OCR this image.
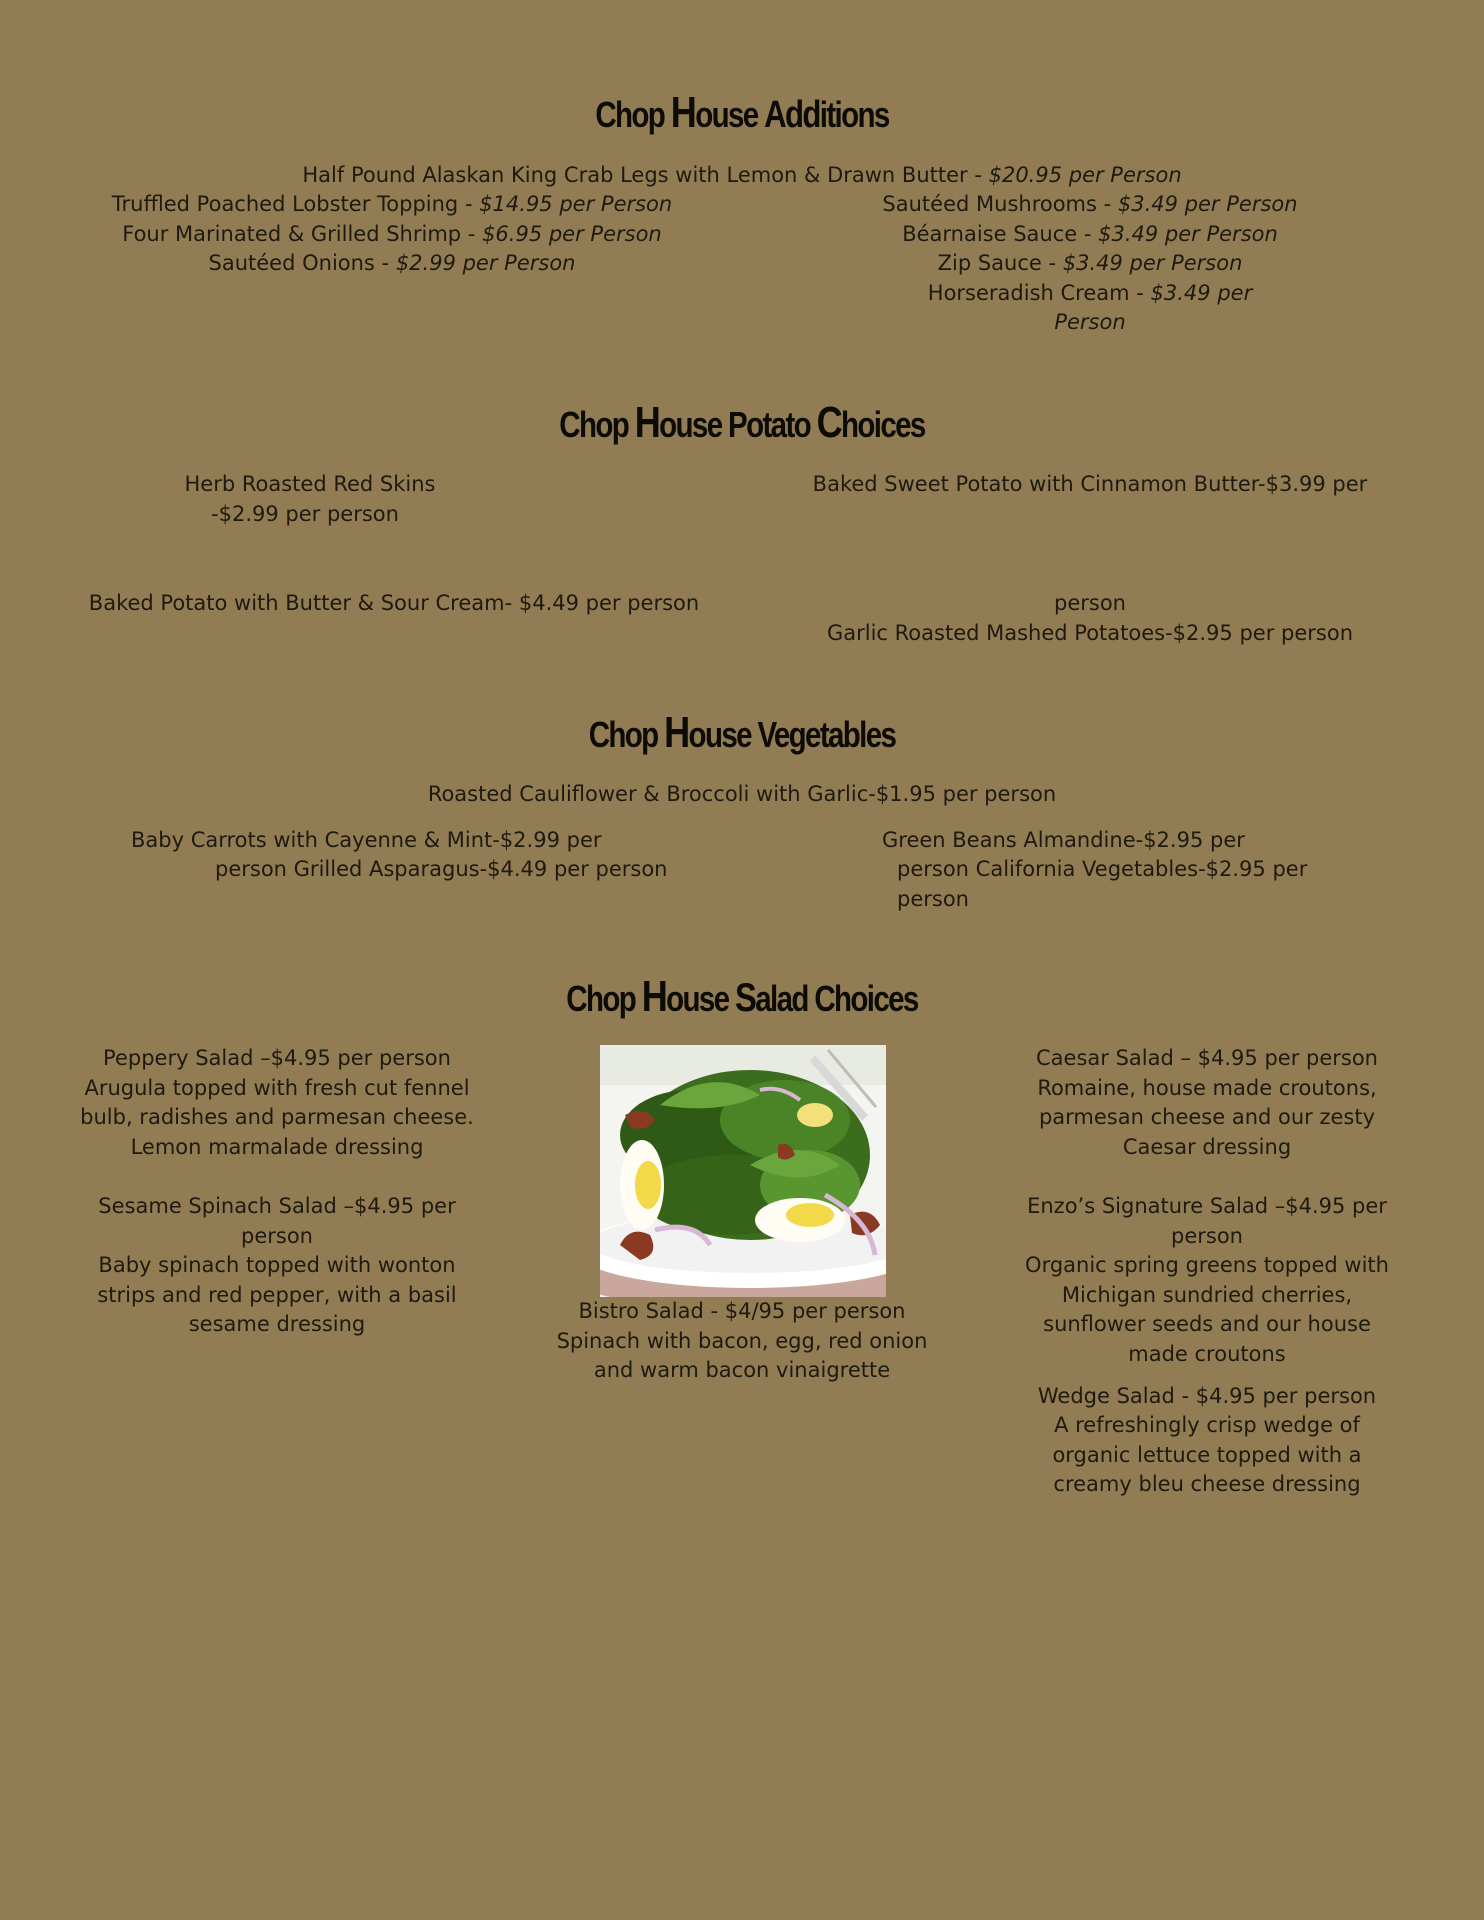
Chop House Additions
Half Pound Alaskan King Crab Legs with Lemon & Drawn Butter - $20.95 per Person

Truffled Poached Lobster Topping - $14.95 per Person

Four Marinated & Grilled Shrimp - $6.95 per Person

Sautéed Onions - $2.99 per Person

Sautéed Mushrooms - $3.49 per Person

Béarnaise Sauce - $3.49 per Person

Zip Sauce - $3.49 per Person

Horseradish Cream - $3.49 per

Person

Chop House Potato Choices
Herb Roasted Red Skins
-$2.99 per person
Baked Potato with Butter & Sour Cream- $4.49 per person
Baked Sweet Potato with Cinnamon Butter-$3.99 per
person
Garlic Roasted Mashed Potatoes-$2.95 per person
Chop House Vegetables
Roasted Cauliflower & Broccoli with Garlic-$1.95 per person
Baby Carrots with Cayenne & Mint-$2.99 per
person Grilled Asparagus-$4.49 per person
Green Beans Almandine-$2.95 per
person California Vegetables-$2.95 per
person
Chop House Salad Choices

Peppery Salad –$4.95 per person

Arugula topped with fresh cut fennel

bulb, radishes and parmesan cheese.

Lemon marmalade dressing

Sesame Spinach Salad –$4.95 per

person

Baby spinach topped with wonton

strips and red pepper, with a basil

sesame dressing

Bistro Salad - $4/95 per person

Spinach with bacon, egg, red onion

and warm bacon vinaigrette

Caesar Salad – $4.95 per person

Romaine, house made croutons,

parmesan cheese and our zesty

Caesar dressing

Enzo’s Signature Salad –$4.95 per

person

Organic spring greens topped with

Michigan sundried cherries,

sunflower seeds and our house

made croutons

Wedge Salad - $4.95 per person

A refreshingly crisp wedge of

organic lettuce topped with a

creamy bleu cheese dressing
